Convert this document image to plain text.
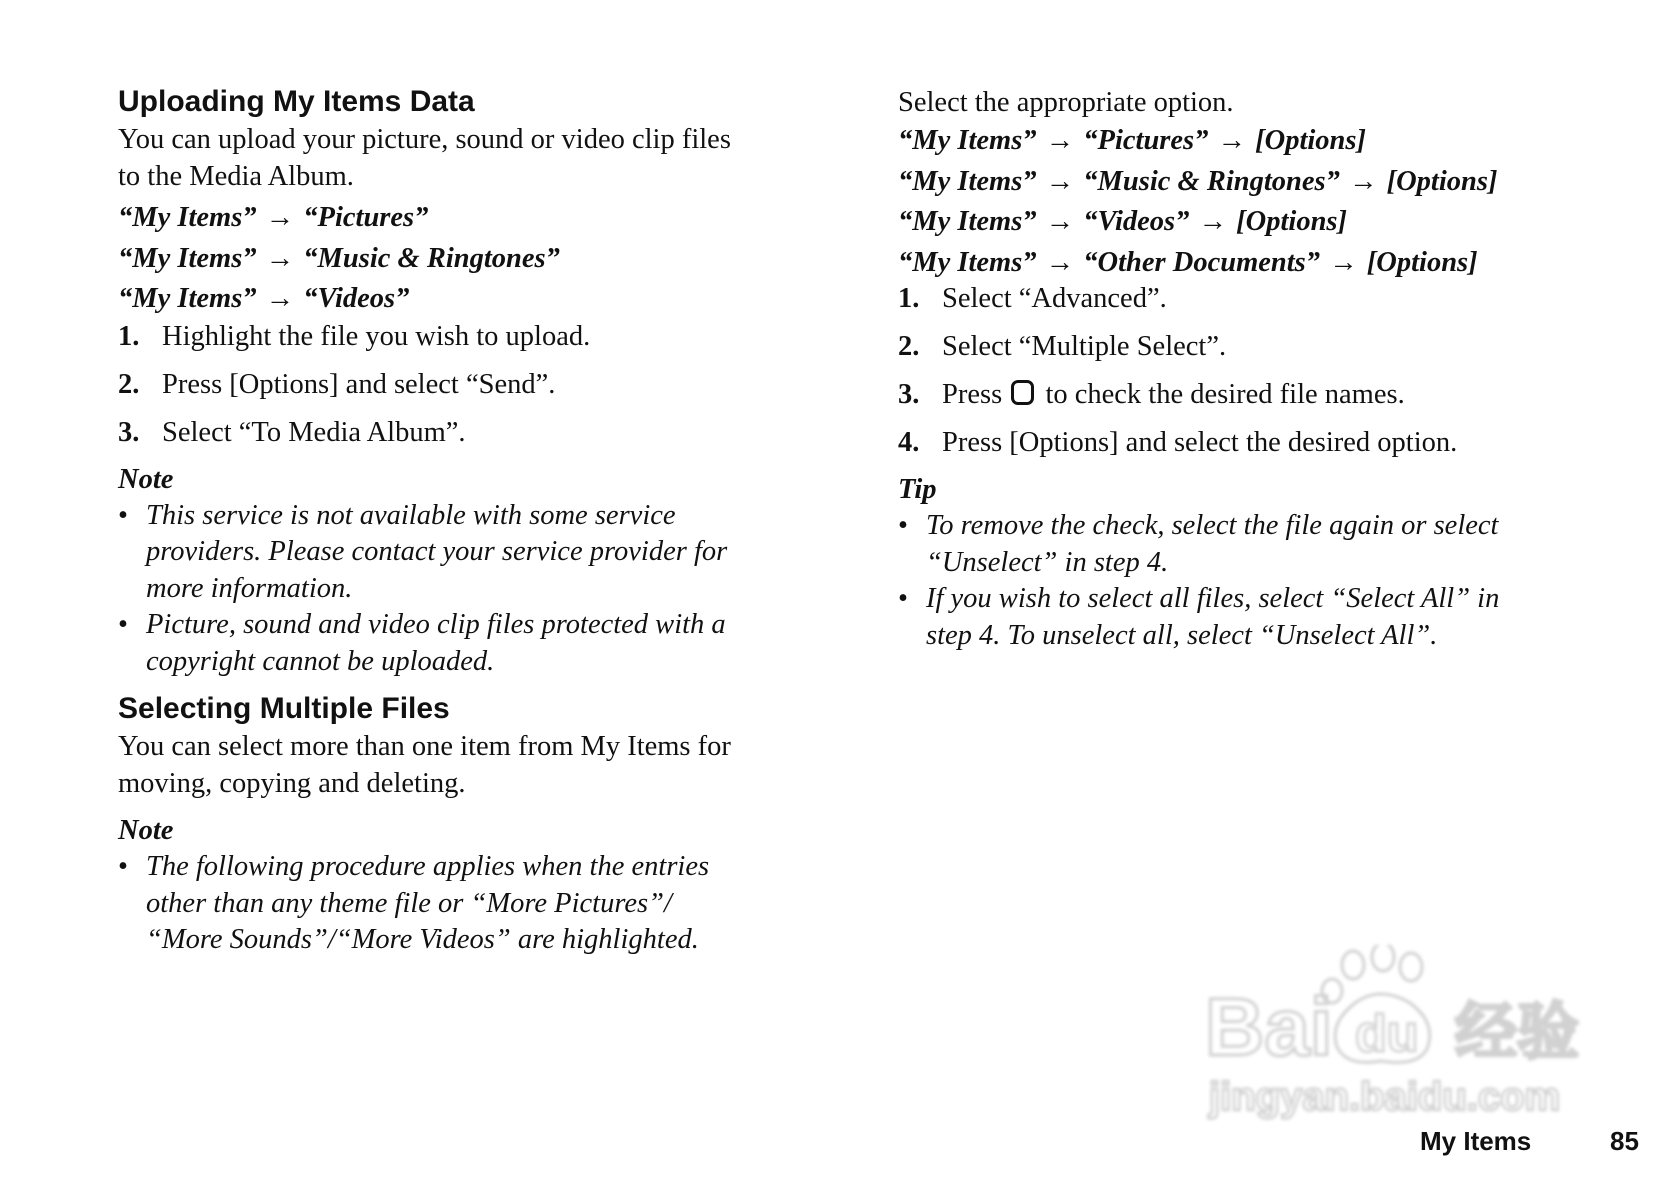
Uploading My Items Data

You can upload your picture, sound or video clip files
to the Media Album.

“My Items” → “Pictures”
“My Items” → “Music & Ringtones”
“My Items” → “Videos”
1. Highlight the file you wish to upload.
2. Press [Options] and select “Send”.
3. Select “To Media Album”.
Note
• This service is not available with some service
providers. Please contact your service provider for
more information.
• Picture, sound and video clip files protected with a
copyright cannot be uploaded.
Selecting Multiple Files

You can select more than one item from My Items for
moving, copying and deleting.

Note
• The following procedure applies when the entries
other than any theme file or “More Pictures”/
“More Sounds”/“More Videos” are highlighted.

Select the appropriate option.

“My Items” → “Pictures” → [Options]
“My Items” → “Music & Ringtones” → [Options]
“My Items” → “Videos” → [Options]
“My Items” → “Other Documents” → [Options]
1. Select “Advanced”.
2. Select “Multiple Select”.
3. Press to check the desired file names.
4. Press [Options] and select the desired option.
Tip
• To remove the check, select the file again or select
“Unselect” in step 4.
• If you wish to select all files, select “Select All” in
step 4. To unselect all, select “Unselect All”.
Bai du 经验
jingyan.baidu.com
My Items	85
